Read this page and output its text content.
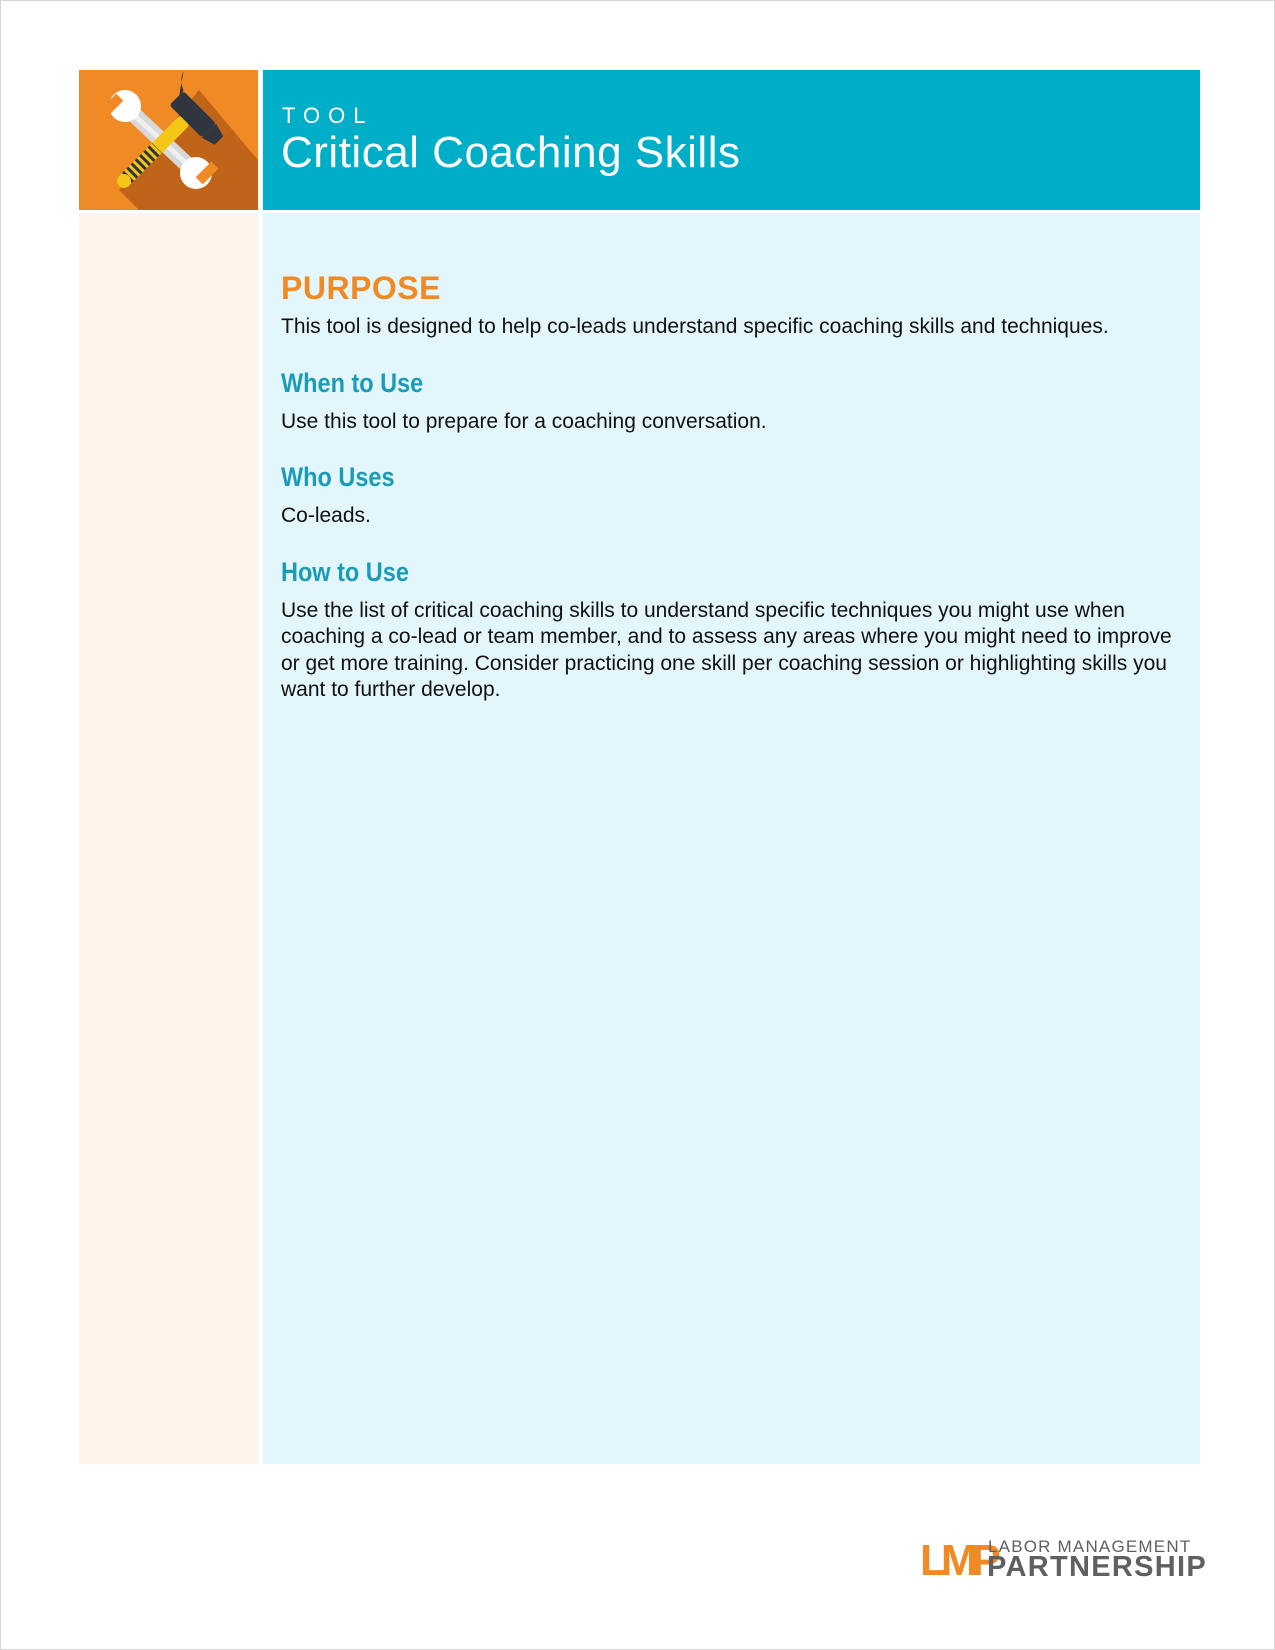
TOOL
Critical Coaching Skills
PURPOSE

This tool is designed to help co-leads understand specific coaching skills and techniques.

When to Use

Use this tool to prepare for a coaching conversation.

Who Uses

Co-leads.

How to Use

Use the list of critical coaching skills to understand specific techniques you might use when coaching a co-lead or team member, and to assess any areas where you might need to improve or get more training. Consider practicing one skill per coaching session or highlighting skills you want to further develop.

LMP
LABOR MANAGEMENT
PARTNERSHIP
